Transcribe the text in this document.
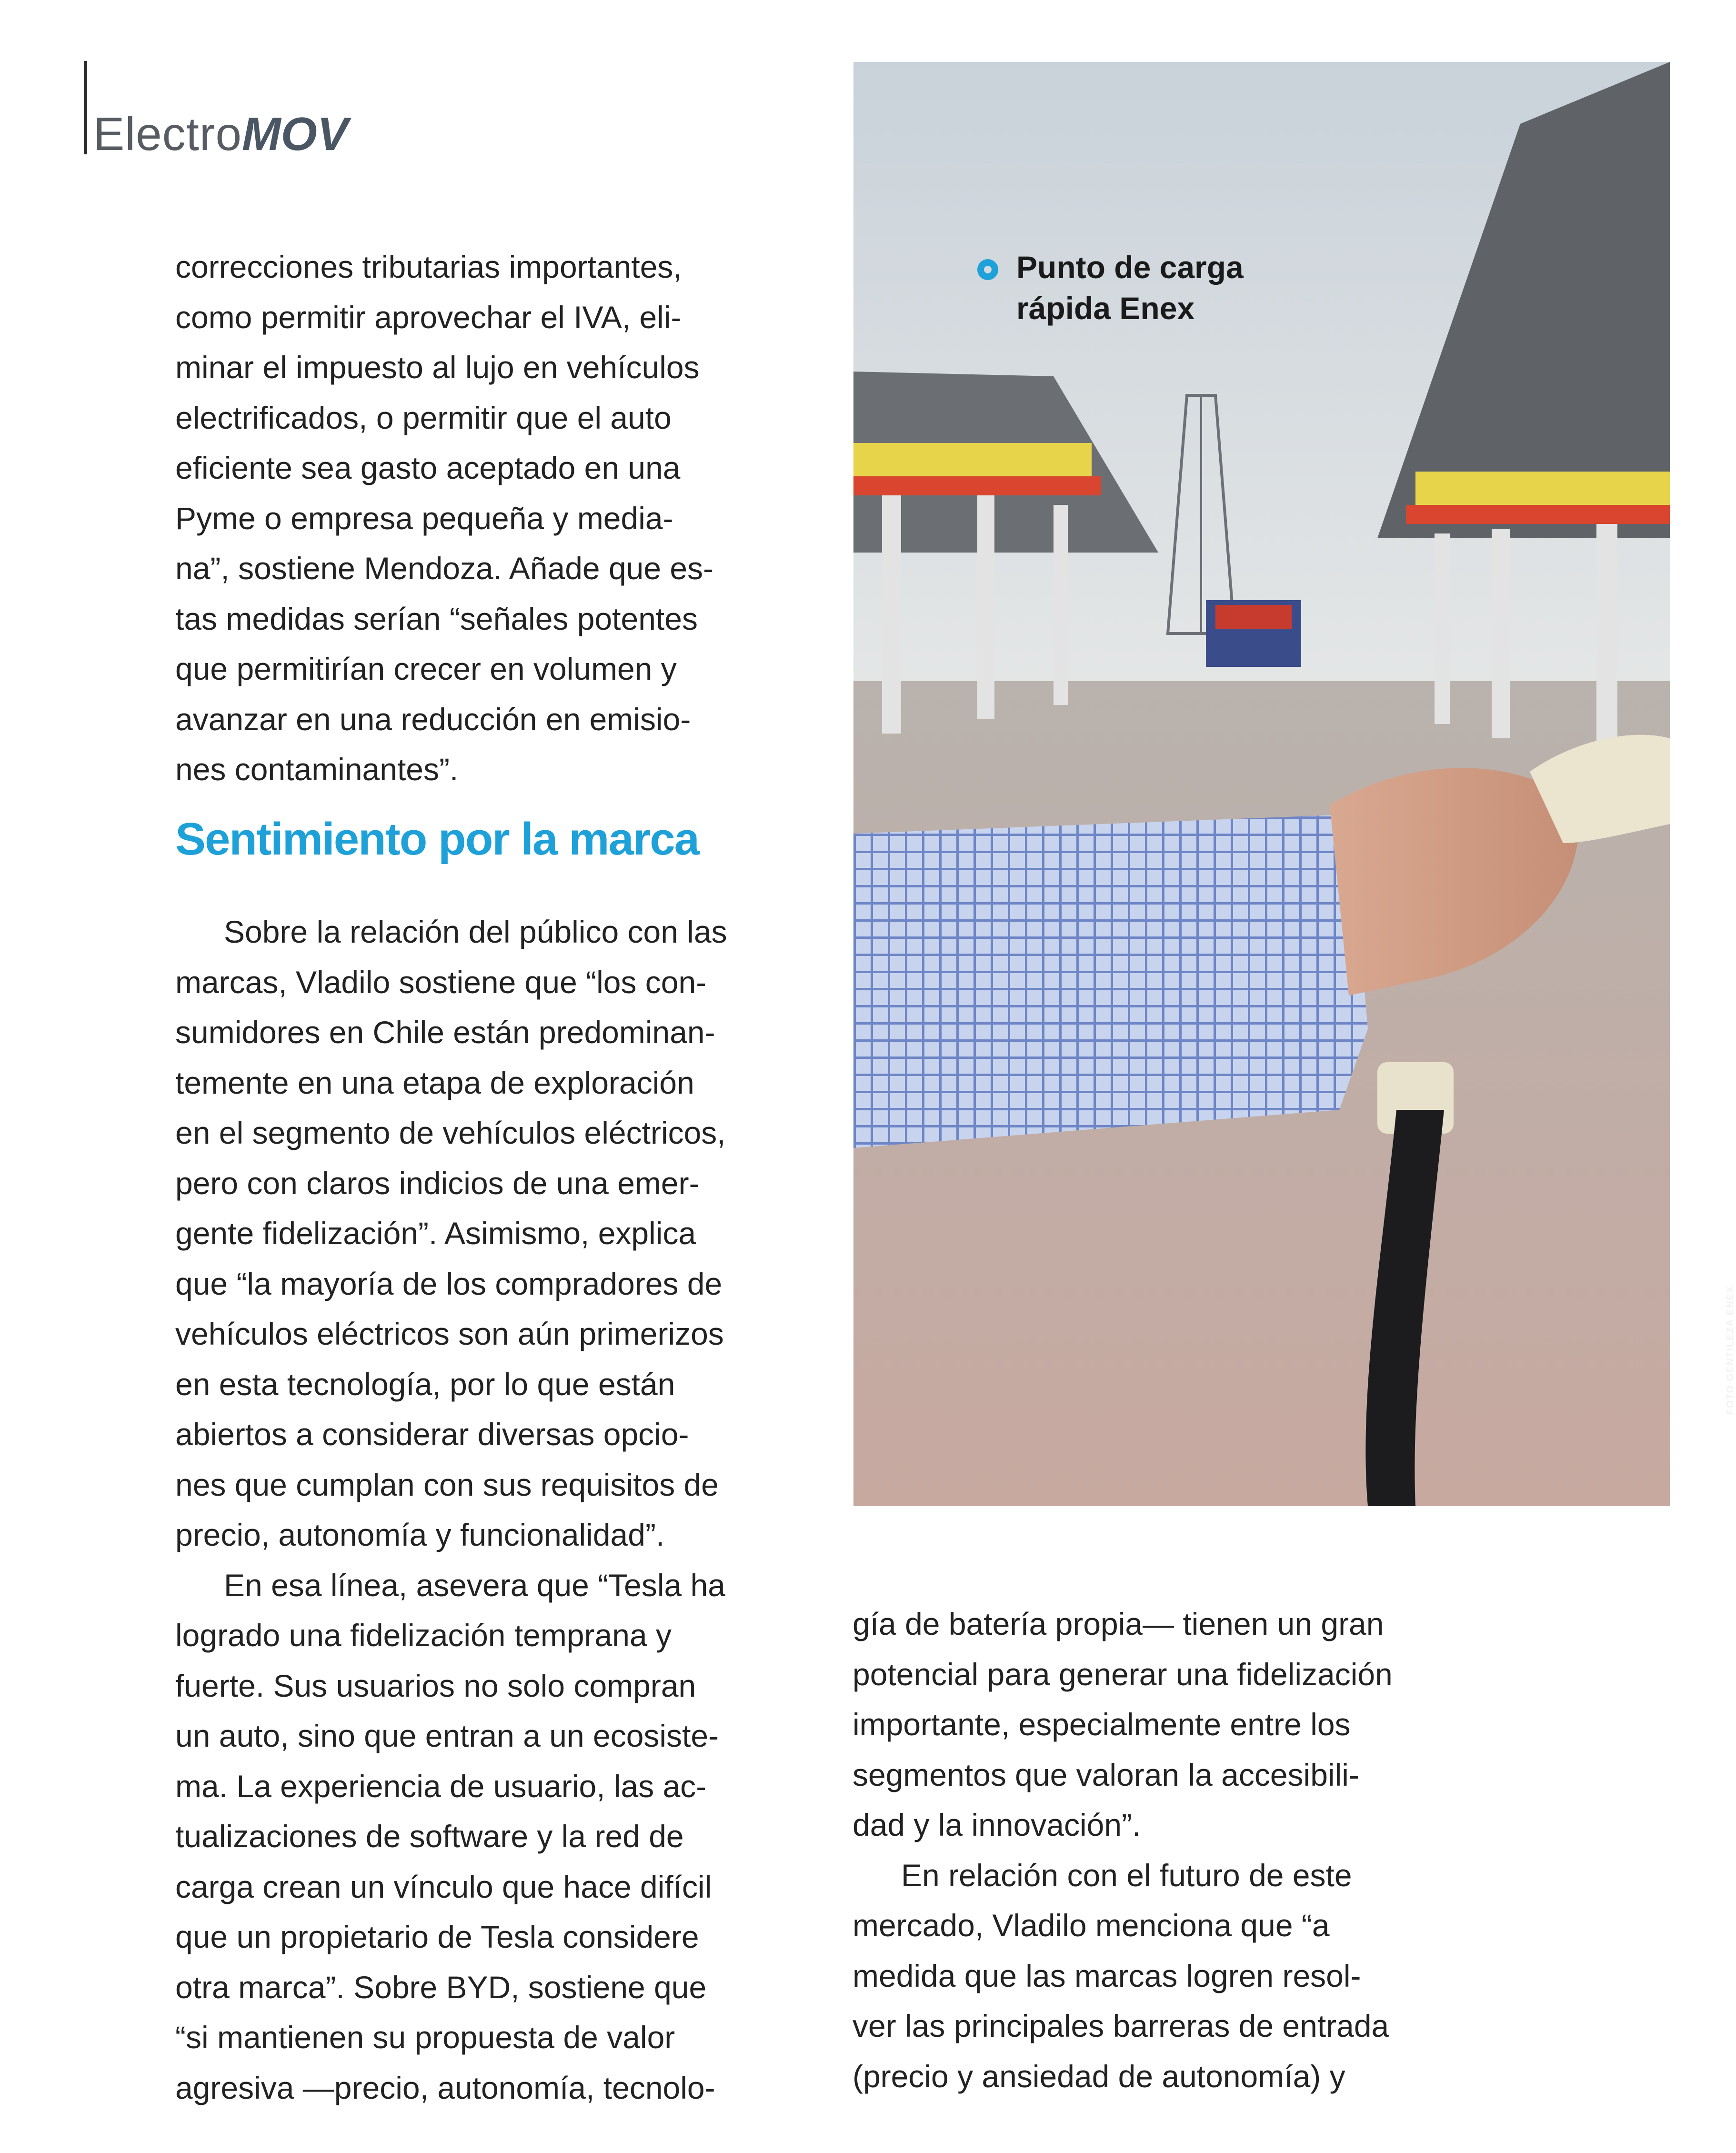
ElectroMOV

correcciones tributarias importantes,
como permitir aprovechar el IVA, eli-
minar el impuesto al lujo en vehículos
electrificados, o permitir que el auto
eficiente sea gasto aceptado en una
Pyme o empresa pequeña y media-
na”, sostiene Mendoza. Añade que es-
tas medidas serían “señales potentes
que permitirían crecer en volumen y
avanzar en una reducción en emisio-
nes contaminantes”.

Sentimiento por la marca

Sobre la relación del público con las
marcas, Vladilo sostiene que “los con-
sumidores en Chile están predominan-
temente en una etapa de exploración
en el segmento de vehículos eléctricos,
pero con claros indicios de una emer-
gente fidelización”. Asimismo, explica
que “la mayoría de los compradores de
vehículos eléctricos son aún primerizos
en esta tecnología, por lo que están
abiertos a considerar diversas opcio-
nes que cumplan con sus requisitos de
precio, autonomía y funcionalidad”.

En esa línea, asevera que “Tesla ha
logrado una fidelización temprana y
fuerte. Sus usuarios no solo compran
un auto, sino que entran a un ecosiste-
ma. La experiencia de usuario, las ac-
tualizaciones de software y la red de
carga crean un vínculo que hace difícil
que un propietario de Tesla considere
otra marca”. Sobre BYD, sostiene que
“si mantienen su propuesta de valor
agresiva —precio, autonomía, tecnolo-

FOTO GENTILEZA ENEX
Punto de carga
rápida Enex

gía de batería propia— tienen un gran
potencial para generar una fidelización
importante, especialmente entre los
segmentos que valoran la accesibili-
dad y la innovación”.

En relación con el futuro de este
mercado, Vladilo menciona que “a
medida que las marcas logren resol-
ver las principales barreras de entrada
(precio y ansiedad de autonomía) y
